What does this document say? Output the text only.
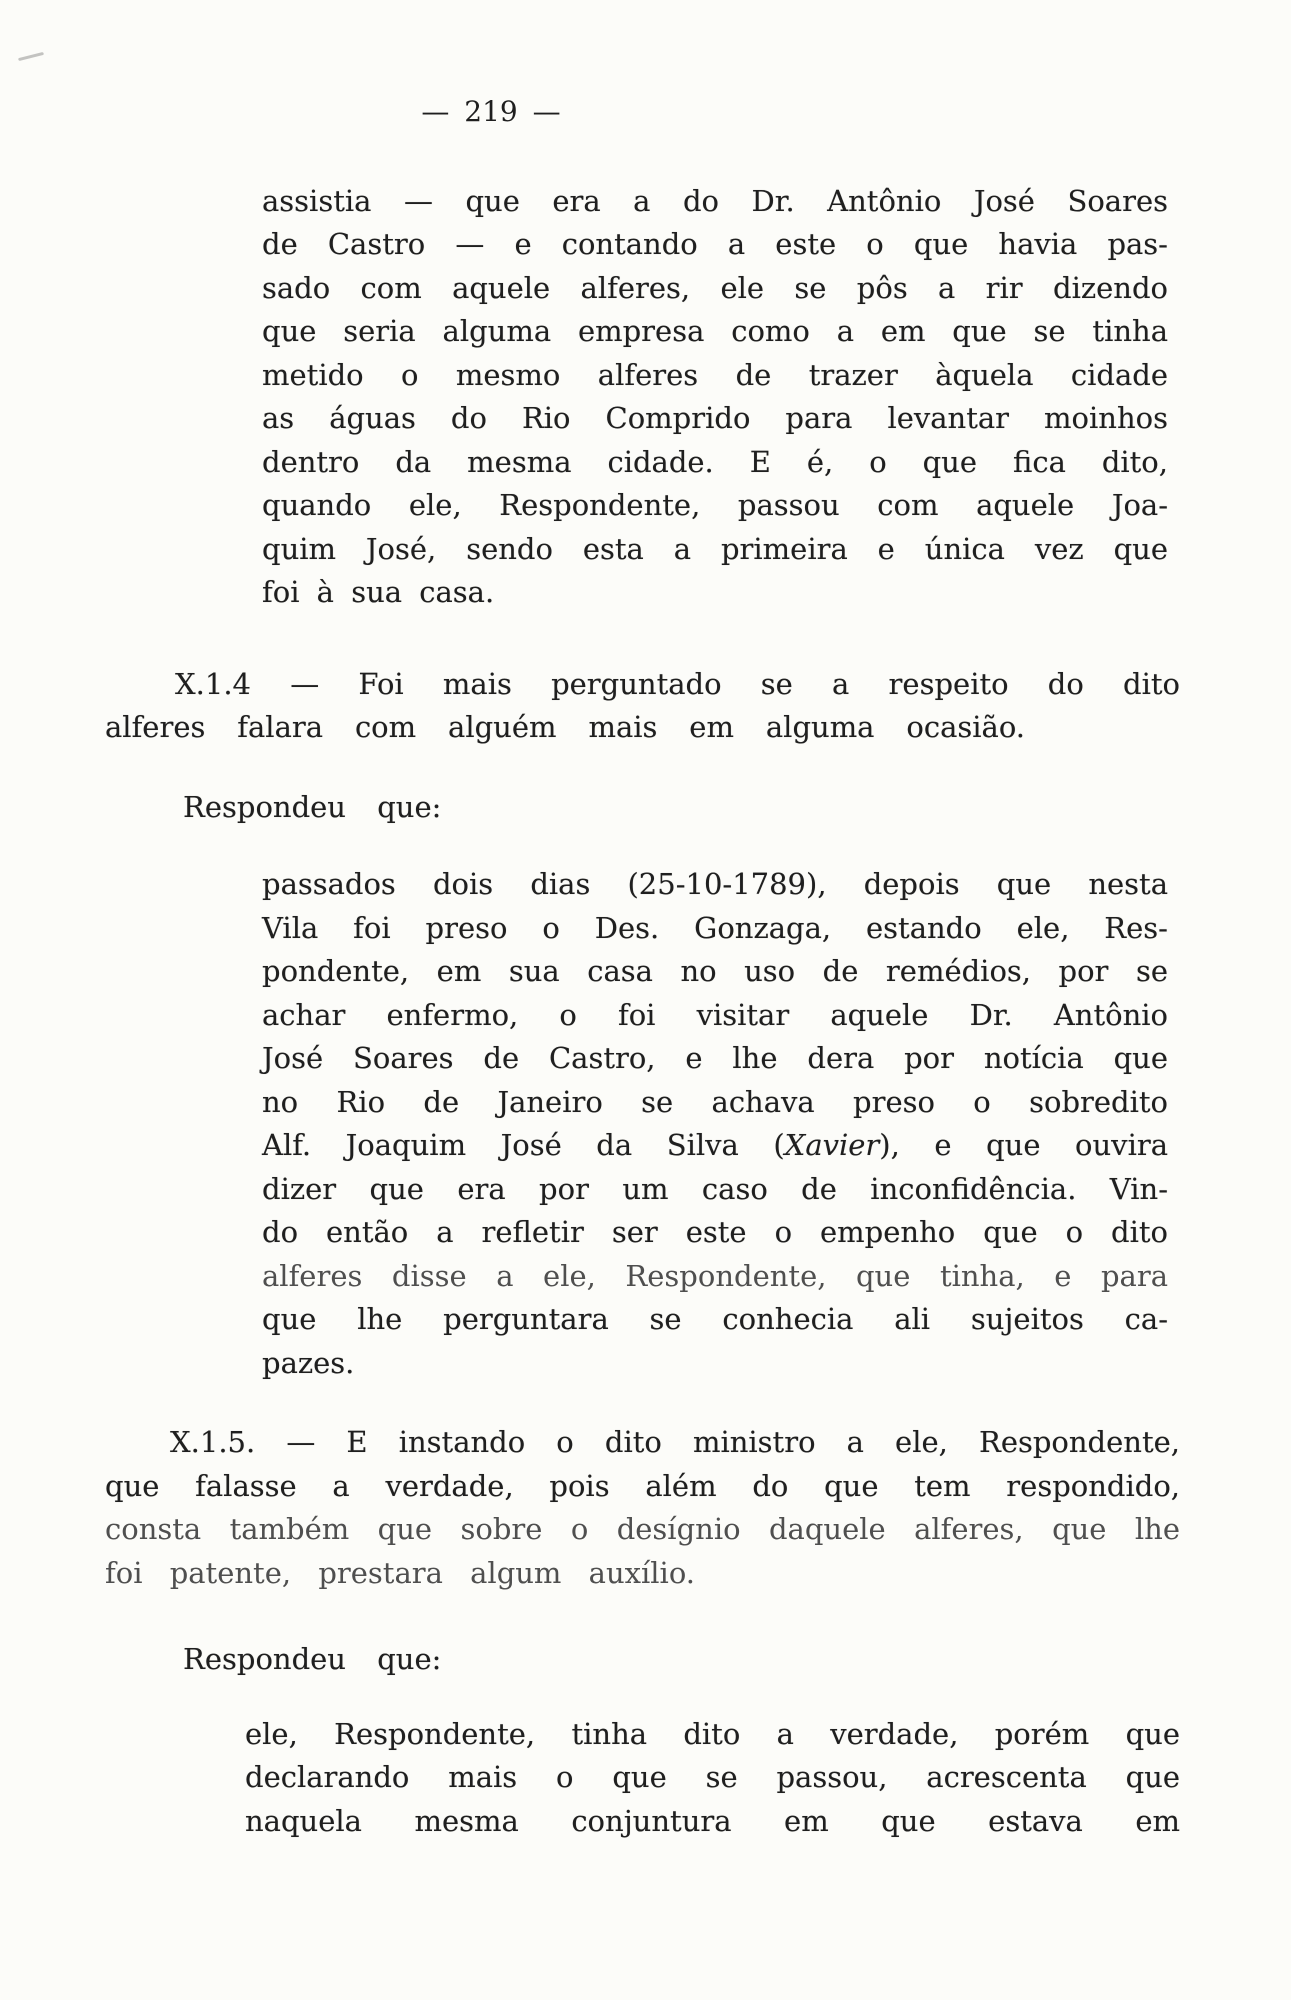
— 219 —
assistia — que era a do Dr. Antônio José Soares
de Castro — e contando a este o que havia pas-
sado com aquele alferes, ele se pôs a rir dizendo
que seria alguma empresa como a em que se tinha
metido o mesmo alferes de trazer àquela cidade
as águas do Rio Comprido para levantar moinhos
dentro da mesma cidade. E é, o que fica dito,
quando ele, Respondente, passou com aquele Joa-
quim José, sendo esta a primeira e única vez que
foi à sua casa.
X.1.4 — Foi mais perguntado se a respeito do dito
alferes falara com alguém mais em alguma ocasião.
Respondeu que:
passados dois dias (25-10-1789), depois que nesta
Vila foi preso o Des. Gonzaga, estando ele, Res-
pondente, em sua casa no uso de remédios, por se
achar enfermo, o foi visitar aquele Dr. Antônio
José Soares de Castro, e lhe dera por notícia que
no Rio de Janeiro se achava preso o sobredito
Alf. Joaquim José da Silva (Xavier), e que ouvira
dizer que era por um caso de inconfidência. Vin-
do então a refletir ser este o empenho que o dito
alferes disse a ele, Respondente, que tinha, e para
que lhe perguntara se conhecia ali sujeitos ca-
pazes.
X.1.5. — E instando o dito ministro a ele, Respondente,
que falasse a verdade, pois além do que tem respondido,
consta também que sobre o desígnio daquele alferes, que lhe
foi patente, prestara algum auxílio.
Respondeu que:
ele, Respondente, tinha dito a verdade, porém que
declarando mais o que se passou, acrescenta que
naquela mesma conjuntura em que estava em
